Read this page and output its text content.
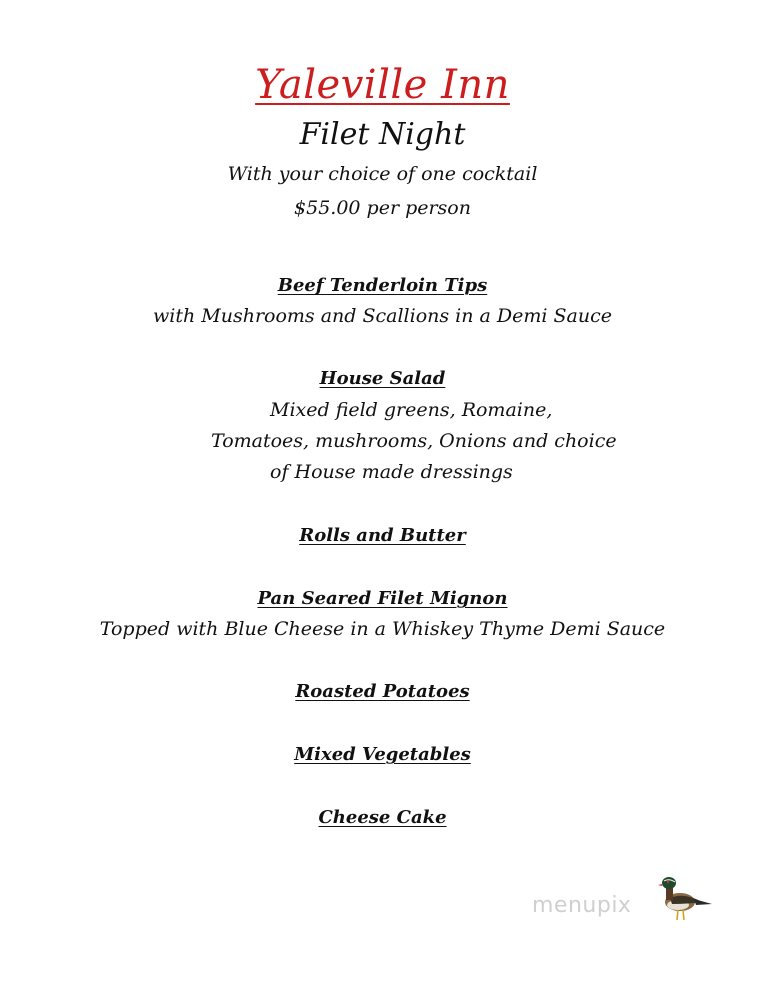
Yaleville Inn
Filet Night
With your choice of one cocktail
$55.00 per person
Beef Tenderloin Tips
with Mushrooms and Scallions in a Demi Sauce
House Salad
Mixed field greens, Romaine,
Tomatoes, mushrooms, Onions and choice
of House made dressings
Rolls and Butter
Pan Seared Filet Mignon
Topped with Blue Cheese in a Whiskey Thyme Demi Sauce
Roasted Potatoes
Mixed Vegetables
Cheese Cake
menupix
